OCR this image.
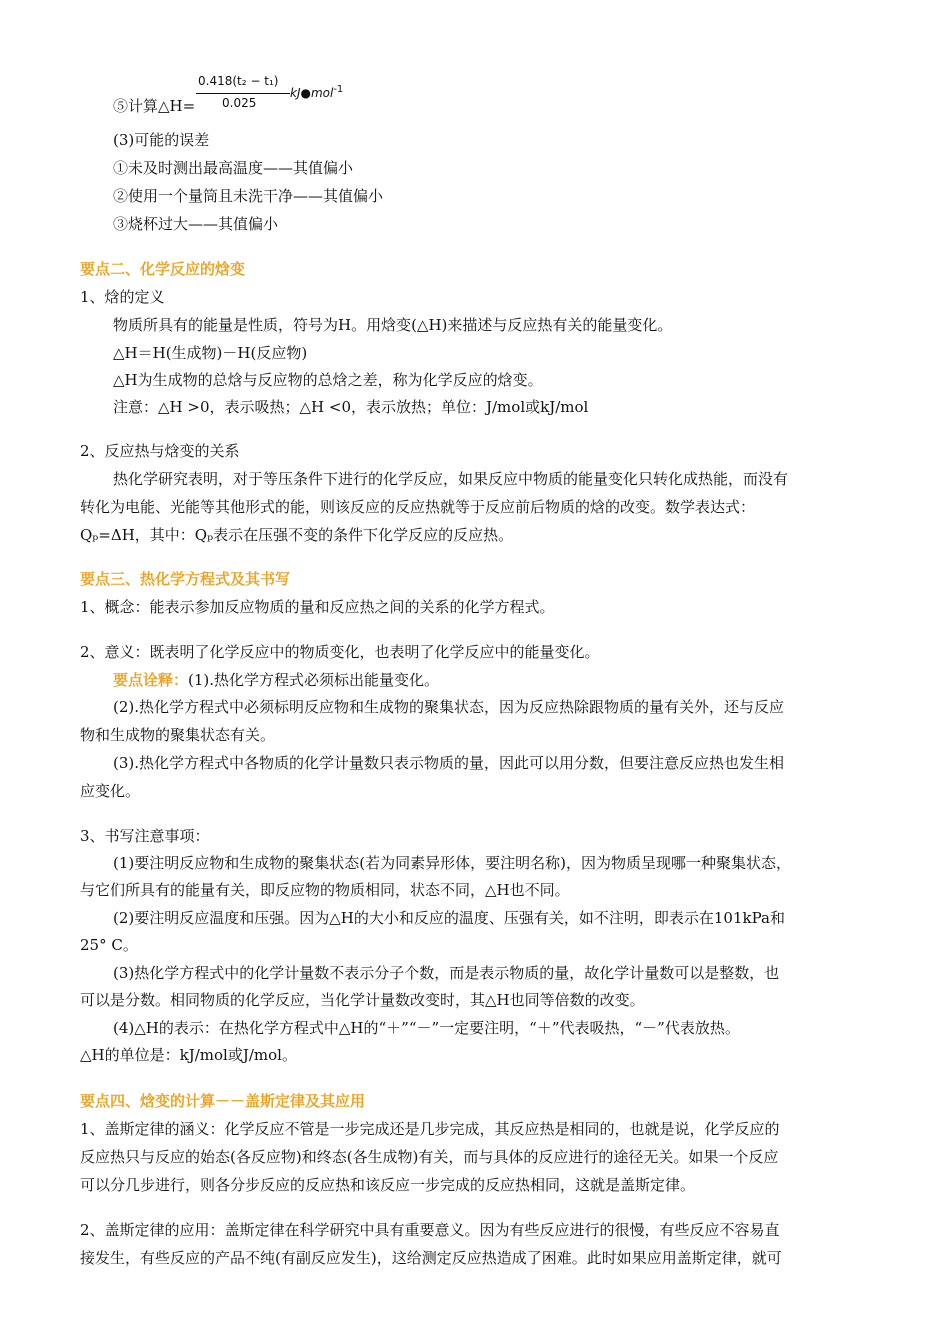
0.418(t₂ − t₁)
0.025
kJ●mol$^{-1}$
⑤计算△H=
(3)可能的误差
①未及时测出最高温度——其值偏小
②使用一个量筒且未洗干净——其值偏小
③烧杯过大——其值偏小
要点二、化学反应的焓变
1、焓的定义
物质所具有的能量是性质，符号为H。用焓变(△H)来描述与反应热有关的能量变化。
△H＝H(生成物)－H(反应物)
△H为生成物的总焓与反应物的总焓之差，称为化学反应的焓变。
注意：△H >0，表示吸热；△H <0，表示放热；单位：J/mol或kJ/mol
2、反应热与焓变的关系
热化学研究表明，对于等压条件下进行的化学反应，如果反应中物质的能量变化只转化成热能，而没有
转化为电能、光能等其他形式的能，则该反应的反应热就等于反应前后物质的焓的改变。数学表达式：
Qₚ=ΔH，其中：Qₚ表示在压强不变的条件下化学反应的反应热。
要点三、热化学方程式及其书写
1、概念：能表示参加反应物质的量和反应热之间的关系的化学方程式。
2、意义：既表明了化学反应中的物质变化，也表明了化学反应中的能量变化。
要点诠释：(1).热化学方程式必须标出能量变化。
(2).热化学方程式中必须标明反应物和生成物的聚集状态，因为反应热除跟物质的量有关外，还与反应
物和生成物的聚集状态有关。
(3).热化学方程式中各物质的化学计量数只表示物质的量，因此可以用分数，但要注意反应热也发生相
应变化。
3、书写注意事项：
(1)要注明反应物和生成物的聚集状态(若为同素异形体，要注明名称)，因为物质呈现哪一种聚集状态，
与它们所具有的能量有关，即反应物的物质相同，状态不同，△H也不同。
(2)要注明反应温度和压强。因为△H的大小和反应的温度、压强有关，如不注明，即表示在101kPa和
25° C。
(3)热化学方程式中的化学计量数不表示分子个数，而是表示物质的量，故化学计量数可以是整数，也
可以是分数。相同物质的化学反应，当化学计量数改变时，其△H也同等倍数的改变。
(4)△H的表示：在热化学方程式中△H的“＋”“－”一定要注明，“＋”代表吸热，“－”代表放热。
△H的单位是：kJ/mol或J/mol。
要点四、焓变的计算－－盖斯定律及其应用
1、盖斯定律的涵义：化学反应不管是一步完成还是几步完成，其反应热是相同的，也就是说，化学反应的
反应热只与反应的始态(各反应物)和终态(各生成物)有关，而与具体的反应进行的途径无关。如果一个反应
可以分几步进行，则各分步反应的反应热和该反应一步完成的反应热相同，这就是盖斯定律。
2、盖斯定律的应用：盖斯定律在科学研究中具有重要意义。因为有些反应进行的很慢，有些反应不容易直
接发生，有些反应的产品不纯(有副反应发生)，这给测定反应热造成了困难。此时如果应用盖斯定律，就可
